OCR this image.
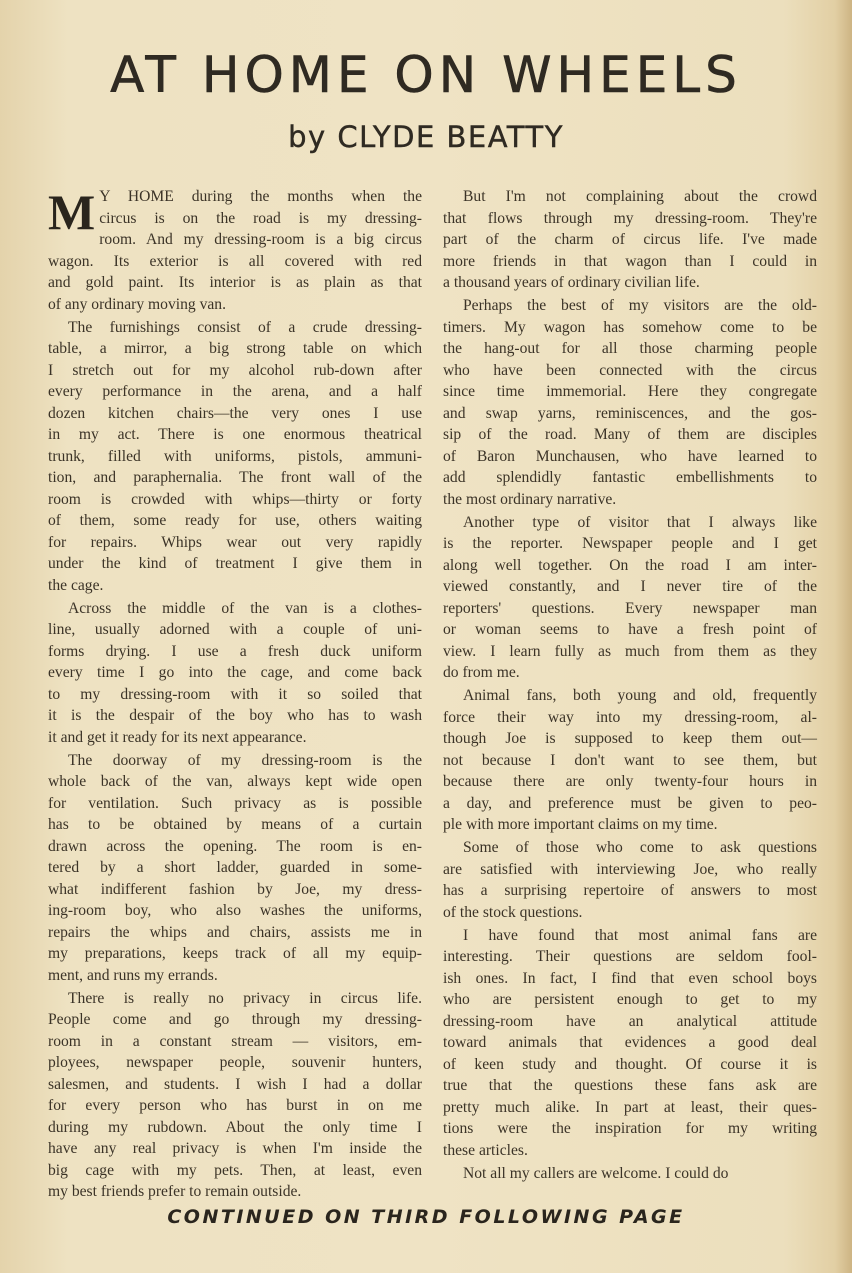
AT HOME ON WHEELS
by CLYDE BEATTY
M Y HOME during the months when the
circus is on the road is my dressing-
room. And my dressing-room is a big circus
wagon. Its exterior is all covered with red
and gold paint. Its interior is as plain as that
of any ordinary moving van.
The furnishings consist of a crude dressing-
table, a mirror, a big strong table on which
I stretch out for my alcohol rub-down after
every performance in the arena, and a half
dozen kitchen chairs—the very ones I use
in my act. There is one enormous theatrical
trunk, filled with uniforms, pistols, ammuni-
tion, and paraphernalia. The front wall of the
room is crowded with whips—thirty or forty
of them, some ready for use, others waiting
for repairs. Whips wear out very rapidly
under the kind of treatment I give them in
the cage.
Across the middle of the van is a clothes-
line, usually adorned with a couple of uni-
forms drying. I use a fresh duck uniform
every time I go into the cage, and come back
to my dressing-room with it so soiled that
it is the despair of the boy who has to wash
it and get it ready for its next appearance.
The doorway of my dressing-room is the
whole back of the van, always kept wide open
for ventilation. Such privacy as is possible
has to be obtained by means of a curtain
drawn across the opening. The room is en-
tered by a short ladder, guarded in some-
what indifferent fashion by Joe, my dress-
ing-room boy, who also washes the uniforms,
repairs the whips and chairs, assists me in
my preparations, keeps track of all my equip-
ment, and runs my errands.
There is really no privacy in circus life.
People come and go through my dressing-
room in a constant stream — visitors, em-
ployees, newspaper people, souvenir hunters,
salesmen, and students. I wish I had a dollar
for every person who has burst in on me
during my rubdown. About the only time I
have any real privacy is when I'm inside the
big cage with my pets. Then, at least, even
my best friends prefer to remain outside.
But I'm not complaining about the crowd
that flows through my dressing-room. They're
part of the charm of circus life. I've made
more friends in that wagon than I could in
a thousand years of ordinary civilian life.
Perhaps the best of my visitors are the old-
timers. My wagon has somehow come to be
the hang-out for all those charming people
who have been connected with the circus
since time immemorial. Here they congregate
and swap yarns, reminiscences, and the gos-
sip of the road. Many of them are disciples
of Baron Munchausen, who have learned to
add splendidly fantastic embellishments to
the most ordinary narrative.
Another type of visitor that I always like
is the reporter. Newspaper people and I get
along well together. On the road I am inter-
viewed constantly, and I never tire of the
reporters' questions. Every newspaper man
or woman seems to have a fresh point of
view. I learn fully as much from them as they
do from me.
Animal fans, both young and old, frequently
force their way into my dressing-room, al-
though Joe is supposed to keep them out—
not because I don't want to see them, but
because there are only twenty-four hours in
a day, and preference must be given to peo-
ple with more important claims on my time.
Some of those who come to ask questions
are satisfied with interviewing Joe, who really
has a surprising repertoire of answers to most
of the stock questions.
I have found that most animal fans are
interesting. Their questions are seldom fool-
ish ones. In fact, I find that even school boys
who are persistent enough to get to my
dressing-room have an analytical attitude
toward animals that evidences a good deal
of keen study and thought. Of course it is
true that the questions these fans ask are
pretty much alike. In part at least, their ques-
tions were the inspiration for my writing
these articles.
Not all my callers are welcome. I could do
CONTINUED ON THIRD FOLLOWING PAGE
